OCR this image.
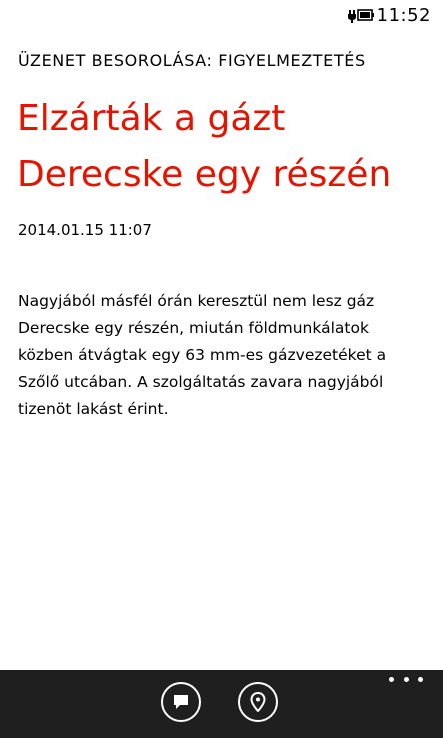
11:52
ÜZENET BESOROLÁSA: FIGYELMEZTETÉS
Elzárták a gázt Derecske egy részén
2014.01.15 11:07

Nagyjából másfél órán keresztül nem lesz gáz Derecske egy részén, miután földmunkálatok közben átvágtak egy 63 mm-es gázvezetéket a Szőlő utcában. A szolgáltatás zavara nagyjából tizenöt lakást érint.
